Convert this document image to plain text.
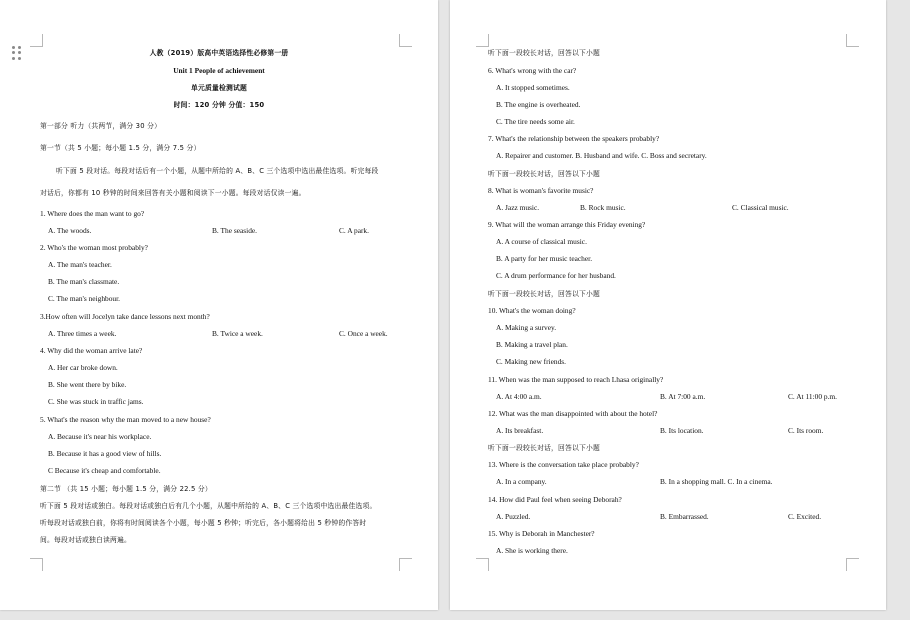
人教（2019）版高中英语选择性必修第一册
Unit 1 People of achievement
单元质量检测试题
时间：120 分钟 分值：150
第一部分 听力（共两节，满分 30 分）
第一节（共 5 小题；每小题 1.5 分，满分 7.5 分）
听下面 5 段对话。每段对话后有一个小题，从题中所给的 A、B、C 三个选项中选出最佳选项。听完每段
对话后，你都有 10 秒钟的时间来回答有关小题和阅读下一小题。每段对话仅读一遍。
1. Where does the man want to go?
A. The woods.	B. The seaside.	C. A park.
2. Who's the woman most probably?
A. The man's teacher.
B. The man's classmate.
C. The man's neighbour.
3.How often will Jocelyn take dance lessons next month?
A. Three times a week.	B. Twice a week.	C. Once a week.
4. Why did the woman arrive late?
A. Her car broke down.
B. She went there by bike.
C. She was stuck in traffic jams.
5. What's the reason why the man moved to a new house?
A. Because it's near his workplace.
B. Because it has a good view of hills.
C Because it's cheap and comfortable.
第二节 （共 15 小题；每小题 1.5 分，满分 22.5 分）
听下面 5 段对话或独白。每段对话或独白后有几个小题，从题中所给的 A、B、C 三个选项中选出最佳选项。
听每段对话或独白前，你将有时间阅读各个小题，每小题 5 秒钟；听完后，各小题将给出 5 秒钟的作答时
间。每段对话或独白读两遍。
听下面一段较长对话，回答以下小题
6. What's wrong with the car?
A. It stopped sometimes.
B. The engine is overheated.
C. The tire needs some air.
7. What's the relationship between the speakers probably?
A. Repairer and customer. B. Husband and wife. C. Boss and secretary.
听下面一段较长对话，回答以下小题
8. What is woman's favorite music?
A. Jazz music.	B. Rock music.	C. Classical music.
9. What will the woman arrange this Friday evening?
A. A course of classical music.
B. A party for her music teacher.
C. A drum performance for her husband.
听下面一段较长对话，回答以下小题
10. What's the woman doing?
A. Making a survey.
B. Making a travel plan.
C. Making new friends.
11. When was the man supposed to reach Lhasa originally?
A. At 4:00 a.m.	B. At 7:00 a.m.	C. At 11:00 p.m.
12. What was the man disappointed with about the hotel?
A. Its breakfast.	B. Its location.	C. Its room.
听下面一段较长对话，回答以下小题
13. Where is the conversation take place probably?
A. In a company.	B. In a shopping mall. C. In a cinema.
14. How did Paul feel when seeing Deborah?
A. Puzzled.	B. Embarrassed.	C. Excited.
15. Why is Deborah in Manchester?
A. She is working there.
